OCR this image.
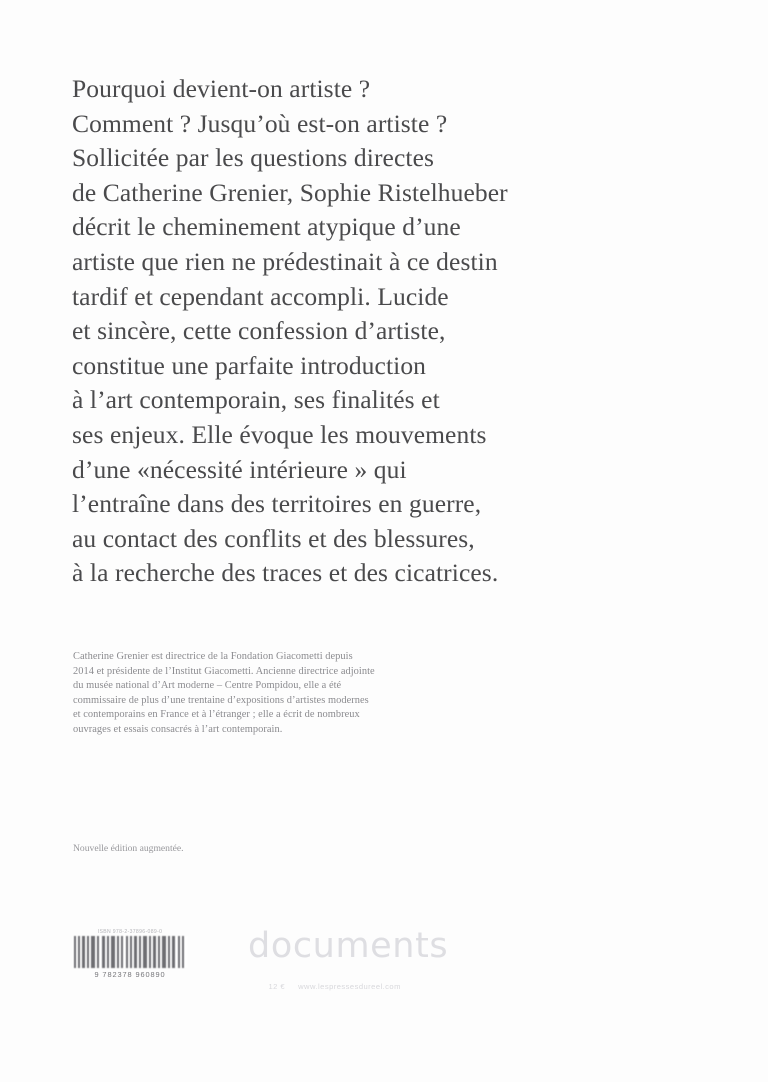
Pourquoi devient-on artiste ?
Comment ? Jusqu’où est-on artiste ?
Sollicitée par les questions directes
de Catherine Grenier, Sophie Ristelhueber
décrit le cheminement atypique d’une
artiste que rien ne prédestinait à ce destin
tardif et cependant accompli. Lucide
et sincère, cette confession d’artiste,
constitue une parfaite introduction
à l’art contemporain, ses finalités et
ses enjeux. Elle évoque les mouvements
d’une «nécessité intérieure » qui
l’entraîne dans des territoires en guerre,
au contact des conflits et des blessures,
à la recherche des traces et des cicatrices.
Catherine Grenier est directrice de la Fondation Giacometti depuis
2014 et présidente de l’Institut Giacometti. Ancienne directrice adjointe
du musée national d’Art moderne – Centre Pompidou, elle a été
commissaire de plus d’une trentaine d’expositions d’artistes modernes
et contemporains en France et à l’étranger ; elle a écrit de nombreux
ouvrages et essais consacrés à l’art contemporain.
Nouvelle édition augmentée.
ISBN 978-2-37896-089-0
9 782378 960890
documents

12 € www.lespressesdureel.com
